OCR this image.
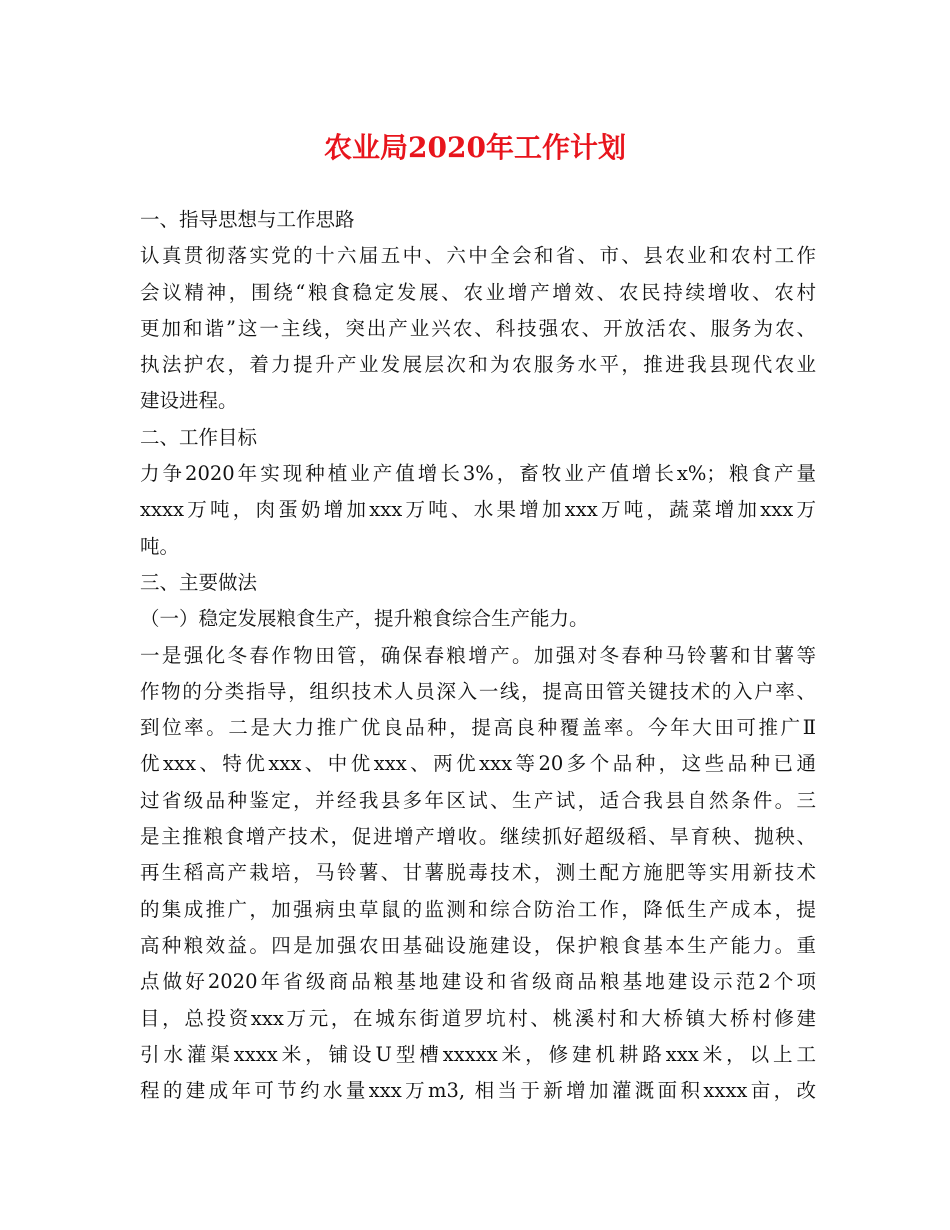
农业局2020年工作计划
一、指导思想与工作思路
认真贯彻落实党的十六届五中、六中全会和省、市、县农业和农村工作
会议精神，围绕“粮食稳定发展、农业增产增效、农民持续增收、农村
更加和谐”这一主线，突出产业兴农、科技强农、开放活农、服务为农、
执法护农，着力提升产业发展层次和为农服务水平，推进我县现代农业
建设进程。
二、工作目标
力争2020年实现种植业产值增长3%，畜牧业产值增长x%；粮食产量
xxxx万吨，肉蛋奶增加xxx万吨、水果增加xxx万吨，蔬菜增加xxx万
吨。
三、主要做法
（一）稳定发展粮食生产，提升粮食综合生产能力。
一是强化冬春作物田管，确保春粮增产。加强对冬春种马铃薯和甘薯等
作物的分类指导，组织技术人员深入一线，提高田管关键技术的入户率、
到位率。二是大力推广优良品种，提高良种覆盖率。今年大田可推广Ⅱ
优xxx、特优xxx、中优xxx、两优xxx等20多个品种，这些品种已通
过省级品种鉴定，并经我县多年区试、生产试，适合我县自然条件。三
是主推粮食增产技术，促进增产增收。继续抓好超级稻、旱育秧、抛秧、
再生稻高产栽培，马铃薯、甘薯脱毒技术，测土配方施肥等实用新技术
的集成推广，加强病虫草鼠的监测和综合防治工作，降低生产成本，提
高种粮效益。四是加强农田基础设施建设，保护粮食基本生产能力。重
点做好2020年省级商品粮基地建设和省级商品粮基地建设示范2个项
目，总投资xxx万元，在城东街道罗坑村、桃溪村和大桥镇大桥村修建
引水灌渠xxxx米，铺设U型槽xxxxx米，修建机耕路xxx米，以上工
程的建成年可节约水量xxx万m3, 相当于新增加灌溉面积xxxx亩，改
